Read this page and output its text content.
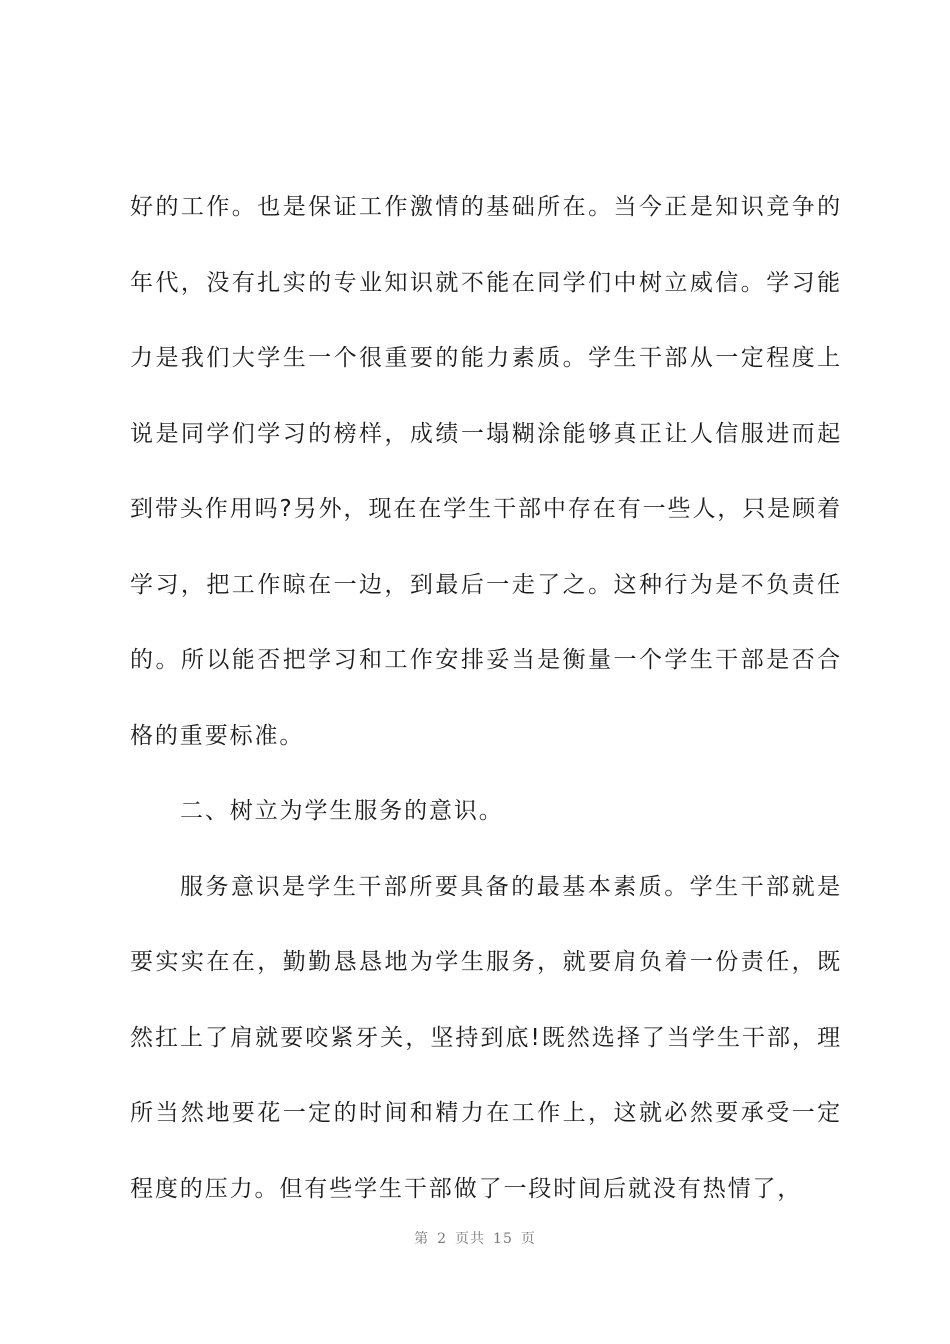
好的工作。也是保证工作激情的基础所在。当今正是知识竞争的年代，没有扎实的专业知识就不能在同学们中树立威信。学习能力是我们大学生一个很重要的能力素质。学生干部从一定程度上说是同学们学习的榜样，成绩一塌糊涂能够真正让人信服进而起到带头作用吗?另外，现在在学生干部中存在有一些人，只是顾着学习，把工作晾在一边，到最后一走了之。这种行为是不负责任的。所以能否把学习和工作安排妥当是衡量一个学生干部是否合格的重要标准。

二、树立为学生服务的意识。

服务意识是学生干部所要具备的最基本素质。学生干部就是要实实在在，勤勤恳恳地为学生服务，就要肩负着一份责任，既然扛上了肩就要咬紧牙关，坚持到底!既然选择了当学生干部，理所当然地要花一定的时间和精力在工作上，这就必然要承受一定程度的压力。但有些学生干部做了一段时间后就没有热情了，

第 2 页共 15 页
